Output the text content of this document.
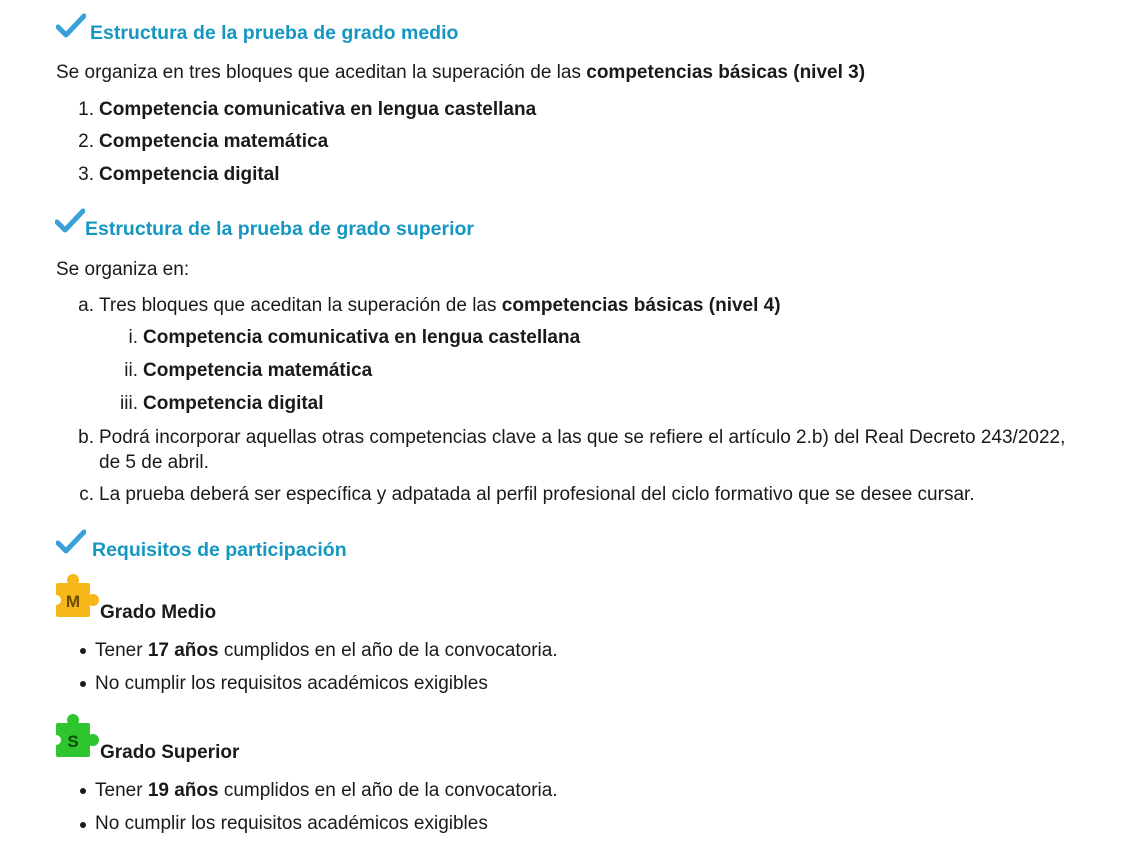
Estructura de la prueba de grado medio
Se organiza en tres bloques que aceditan la superación de las competencias básicas (nivel 3)
1. Competencia comunicativa en lengua castellana
2. Competencia matemática
3. Competencia digital
Estructura de la prueba de grado superior
Se organiza en:
a. Tres bloques que aceditan la superación de las competencias básicas (nivel 4)
i. Competencia comunicativa en lengua castellana
ii. Competencia matemática
iii. Competencia digital
b. Podrá incorporar aquellas otras competencias clave a las que se refiere el artículo 2.b) del Real Decreto 243/2022,
de 5 de abril.
c. La prueba deberá ser específica y adpatada al perfil profesional del ciclo formativo que se desee cursar.
Requisitos de participación
M
Grado Medio
Tener 17 años cumplidos en el año de la convocatoria.
No cumplir los requisitos académicos exigibles
S
Grado Superior
Tener 19 años cumplidos en el año de la convocatoria.
No cumplir los requisitos académicos exigibles
